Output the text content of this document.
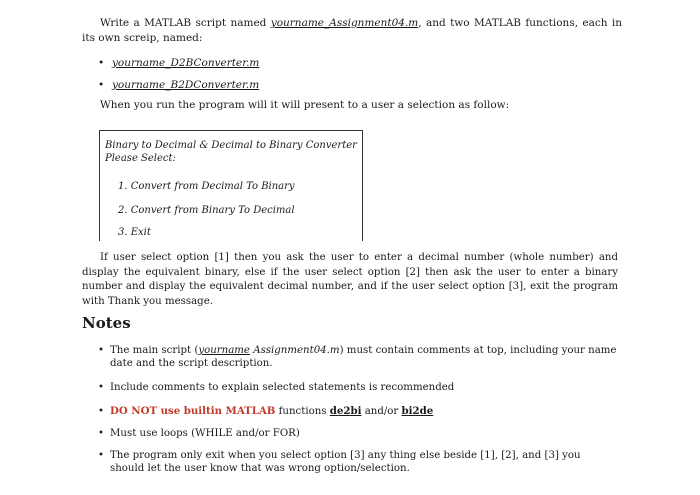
Write a MATLAB script named yourname_Assignment04.m, and two MATLAB functions, each in its own screip, named:
• yourname_D2BConverter.m
• yourname_B2DConverter.m
When you run the program will it will present to a user a selection as follow:
Binary to Decimal & Decimal to Binary Converter
Please Select:
1. Convert from Decimal To Binary
2. Convert from Binary To Decimal
3. Exit
If user select option [1] then you ask the user to enter a decimal number (whole number) and display the equivalent binary, else if the user select option [2] then ask the user to enter a binary number and display the equivalent decimal number, and if the user select option [3], exit the program with Thank you message.
Notes
• The main script (yourname Assignment04.m) must contain comments at top, including your name date and the script description.
• Include comments to explain selected statements is recommended
• DO NOT use builtin MATLAB functions de2bi and/or bi2de
• Must use loops (WHILE and/or FOR)
• The program only exit when you select option [3] any thing else beside [1], [2], and [3] you should let the user know that was wrong option/selection.
